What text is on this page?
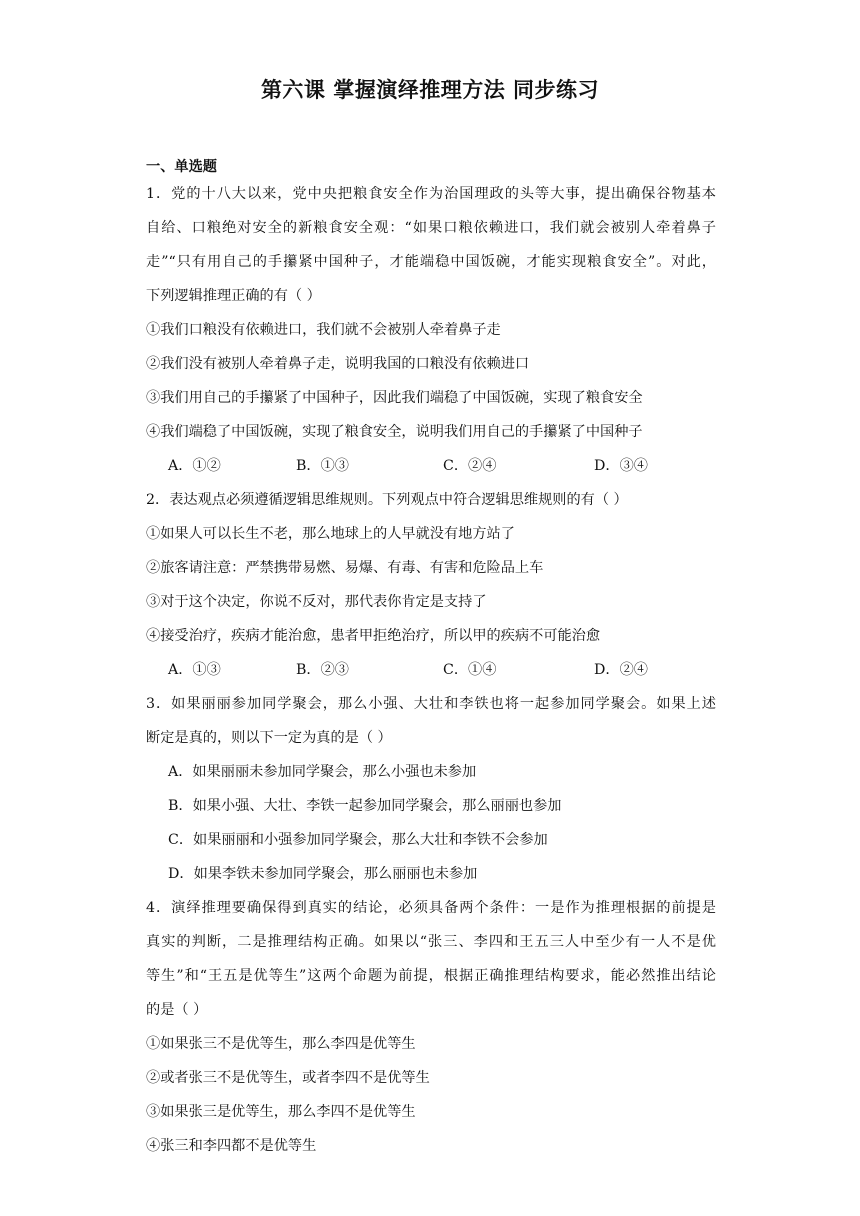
第六课 掌握演绎推理方法 同步练习
一、单选题
1．党的十八大以来，党中央把粮食安全作为治国理政的头等大事，提出确保谷物基本
自给、口粮绝对安全的新粮食安全观：“如果口粮依赖进口，我们就会被别人牵着鼻子
走”“只有用自己的手攥紧中国种子，才能端稳中国饭碗，才能实现粮食安全”。对此，
下列逻辑推理正确的有（ ）
①我们口粮没有依赖进口，我们就不会被别人牵着鼻子走
②我们没有被别人牵着鼻子走，说明我国的口粮没有依赖进口
③我们用自己的手攥紧了中国种子，因此我们端稳了中国饭碗，实现了粮食安全
④我们端稳了中国饭碗，实现了粮食安全，说明我们用自己的手攥紧了中国种子
A．①②	B．①③	C．②④	D．③④
2．表达观点必须遵循逻辑思维规则。下列观点中符合逻辑思维规则的有（ ）
①如果人可以长生不老，那么地球上的人早就没有地方站了
②旅客请注意：严禁携带易燃、易爆、有毒、有害和危险品上车
③对于这个决定，你说不反对，那代表你肯定是支持了
④接受治疗，疾病才能治愈，患者甲拒绝治疗，所以甲的疾病不可能治愈
A．①③	B．②③	C．①④	D．②④
3．如果丽丽参加同学聚会，那么小强、大壮和李铁也将一起参加同学聚会。如果上述
断定是真的，则以下一定为真的是（ ）
A．如果丽丽未参加同学聚会，那么小强也未参加
B．如果小强、大壮、李铁一起参加同学聚会，那么丽丽也参加
C．如果丽丽和小强参加同学聚会，那么大壮和李铁不会参加
D．如果李铁未参加同学聚会，那么丽丽也未参加
4．演绎推理要确保得到真实的结论，必须具备两个条件：一是作为推理根据的前提是
真实的判断，二是推理结构正确。如果以“张三、李四和王五三人中至少有一人不是优
等生”和“王五是优等生”这两个命题为前提，根据正确推理结构要求，能必然推出结论
的是（ ）
①如果张三不是优等生，那么李四是优等生
②或者张三不是优等生，或者李四不是优等生
③如果张三是优等生，那么李四不是优等生
④张三和李四都不是优等生
